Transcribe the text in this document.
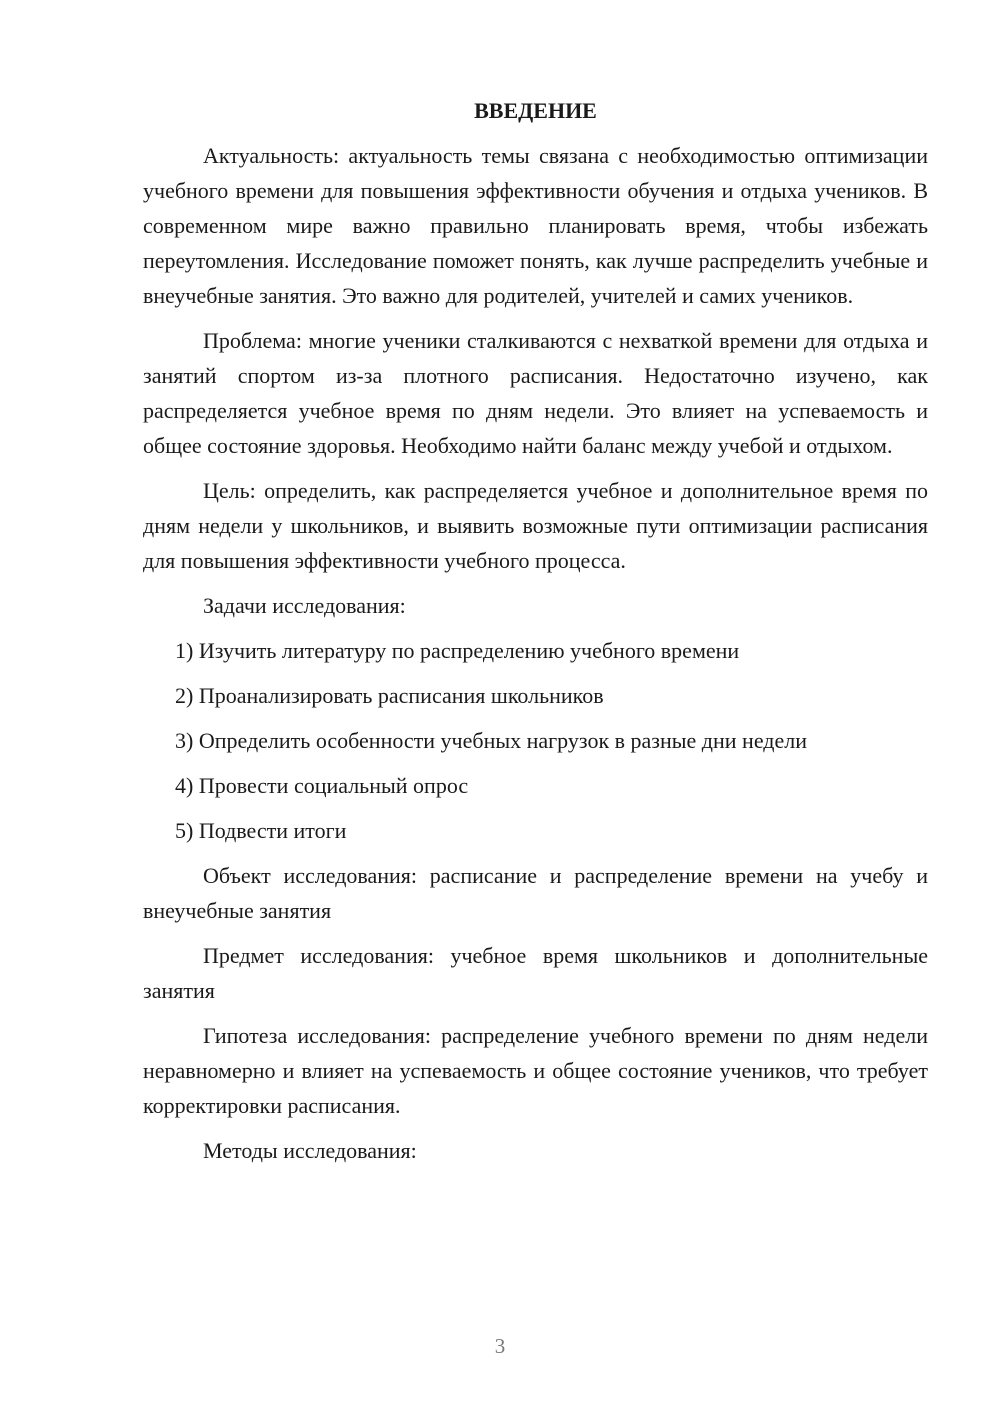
ВВЕДЕНИЕ

Актуальность: актуальность темы связана с необходимостью оптимизации учебного времени для повышения эффективности обучения и отдыха учеников. В современном мире важно правильно планировать время, чтобы избежать переутомления. Исследование поможет понять, как лучше распределить учебные и внеучебные занятия. Это важно для родителей, учителей и самих учеников.

Проблема: многие ученики сталкиваются с нехваткой времени для отдыха и занятий спортом из-за плотного расписания. Недостаточно изучено, как распределяется учебное время по дням недели. Это влияет на успеваемость и общее состояние здоровья. Необходимо найти баланс между учебой и отдыхом.

Цель: определить, как распределяется учебное и дополнительное время по дням недели у школьников, и выявить возможные пути оптимизации расписания для повышения эффективности учебного процесса.

Задачи исследования:

1) Изучить литературу по распределению учебного времени

2) Проанализировать расписания школьников

3) Определить особенности учебных нагрузок в разные дни недели

4) Провести социальный опрос

5) Подвести итоги

Объект исследования: расписание и распределение времени на учебу и внеучебные занятия

Предмет исследования: учебное время школьников и дополнительные занятия

Гипотеза исследования: распределение учебного времени по дням недели неравномерно и влияет на успеваемость и общее состояние учеников, что требует корректировки расписания.

Методы исследования:

3
